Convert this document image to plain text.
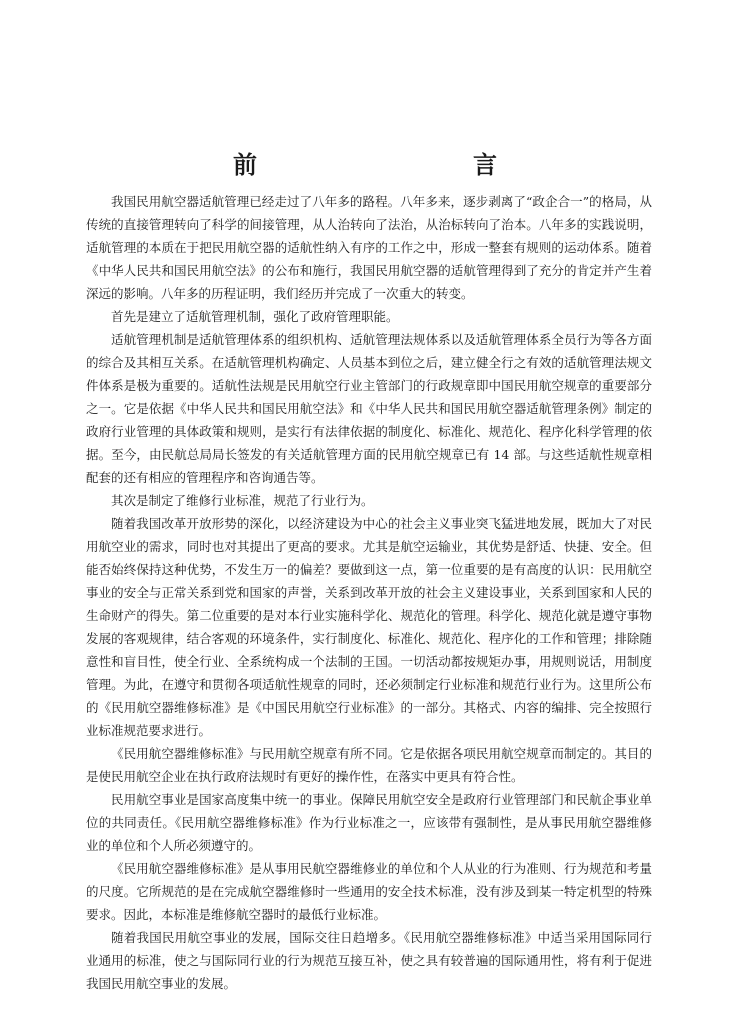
前　言

我国民用航空器适航管理已经走过了八年多的路程。八年多来，逐步剥离了“政企合一”的格局，从传统的直接管理转向了科学的间接管理，从人治转向了法治，从治标转向了治本。八年多的实践说明，适航管理的本质在于把民用航空器的适航性纳入有序的工作之中，形成一整套有规则的运动体系。随着《中华人民共和国民用航空法》的公布和施行，我国民用航空器的适航管理得到了充分的肯定并产生着深远的影响。八年多的历程证明，我们经历并完成了一次重大的转变。

首先是建立了适航管理机制，强化了政府管理职能。

适航管理机制是适航管理体系的组织机构、适航管理法规体系以及适航管理体系全员行为等各方面的综合及其相互关系。在适航管理机构确定、人员基本到位之后，建立健全行之有效的适航管理法规文件体系是极为重要的。适航性法规是民用航空行业主管部门的行政规章即中国民用航空规章的重要部分之一。它是依据《中华人民共和国民用航空法》和《中华人民共和国民用航空器适航管理条例》制定的政府行业管理的具体政策和规则，是实行有法律依据的制度化、标准化、规范化、程序化科学管理的依据。至今，由民航总局局长签发的有关适航管理方面的民用航空规章已有 14 部。与这些适航性规章相配套的还有相应的管理程序和咨询通告等。

其次是制定了维修行业标准，规范了行业行为。

随着我国改革开放形势的深化，以经济建设为中心的社会主义事业突飞猛进地发展，既加大了对民用航空业的需求，同时也对其提出了更高的要求。尤其是航空运输业，其优势是舒适、快捷、安全。但能否始终保持这种优势，不发生万一的偏差？要做到这一点，第一位重要的是有高度的认识：民用航空事业的安全与正常关系到党和国家的声誉，关系到改革开放的社会主义建设事业，关系到国家和人民的生命财产的得失。第二位重要的是对本行业实施科学化、规范化的管理。科学化、规范化就是遵守事物发展的客观规律，结合客观的环境条件，实行制度化、标准化、规范化、程序化的工作和管理；排除随意性和盲目性，使全行业、全系统构成一个法制的王国。一切活动都按规矩办事，用规则说话，用制度管理。为此，在遵守和贯彻各项适航性规章的同时，还必须制定行业标准和规范行业行为。这里所公布的《民用航空器维修标准》是《中国民用航空行业标准》的一部分。其格式、内容的编排、完全按照行业标准规范要求进行。

《民用航空器维修标准》与民用航空规章有所不同。它是依据各项民用航空规章而制定的。其目的是使民用航空企业在执行政府法规时有更好的操作性，在落实中更具有符合性。

民用航空事业是国家高度集中统一的事业。保障民用航空安全是政府行业管理部门和民航企事业单位的共同责任。《民用航空器维修标准》作为行业标准之一，应该带有强制性，是从事民用航空器维修业的单位和个人所必须遵守的。

《民用航空器维修标准》是从事用民航空器维修业的单位和个人从业的行为准则、行为规范和考量的尺度。它所规范的是在完成航空器维修时一些通用的安全技术标准，没有涉及到某一特定机型的特殊要求。因此，本标准是维修航空器时的最低行业标准。

随着我国民用航空事业的发展，国际交往日趋增多。《民用航空器维修标准》中适当采用国际同行业通用的标准，使之与国际同行业的行为规范互接互补，使之具有较普遍的国际通用性，将有利于促进我国民用航空事业的发展。
